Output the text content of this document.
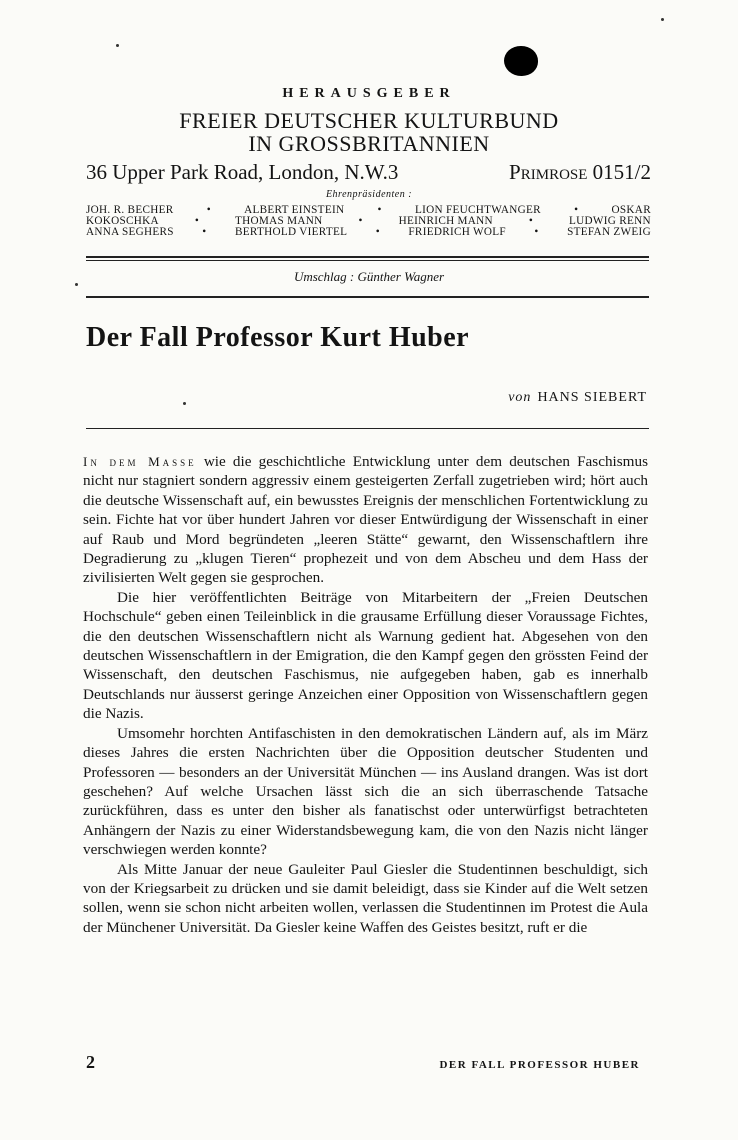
HERAUSGEBER
FREIER DEUTSCHER KULTURBUND
IN GROSSBRITANNIEN
36 Upper Park Road, London, N.W.3	Primrose 0151/2
Ehrenpräsidenten :
JOH. R. BECHER	•	ALBERT EINSTEIN	•	LION FEUCHTWANGER	•	OSKAR
KOKOSCHKA	•	THOMAS MANN	•	HEINRICH MANN	•	LUDWIG RENN
ANNA SEGHERS	•	BERTHOLD VIERTEL	•	FRIEDRICH WOLF	•	STEFAN ZWEIG
Umschlag : Günther Wagner
Der Fall Professor Kurt Huber
von HANS SIEBERT

In dem Masse wie die geschichtliche Entwicklung unter dem deutschen Faschismus nicht nur stagniert sondern aggressiv einem gesteigerten Zerfall zugetrieben wird; hört auch die deutsche Wissenschaft auf, ein bewusstes Ereignis der menschlichen Fortentwicklung zu sein. Fichte hat vor über hundert Jahren vor dieser Entwürdigung der Wissenschaft in einer auf Raub und Mord begründeten „leeren Stätte“ gewarnt, den Wissenschaftlern ihre Degradierung zu „klugen Tieren“ prophezeit und von dem Abscheu und dem Hass der zivilisierten Welt gegen sie gesprochen.

Die hier veröffentlichten Beiträge von Mitarbeitern der „Freien Deutschen Hochschule“ geben einen Teileinblick in die grausame Erfüllung dieser Voraussage Fichtes, die den deutschen Wissenschaftlern nicht als Warnung gedient hat. Abgesehen von den deutschen Wissenschaftlern in der Emigration, die den Kampf gegen den grössten Feind der Wissenschaft, den deutschen Faschismus, nie aufgegeben haben, gab es innerhalb Deutschlands nur äusserst geringe Anzeichen einer Opposition von Wissenschaftlern gegen die Nazis.

Umsomehr horchten Antifaschisten in den demokratischen Ländern auf, als im März dieses Jahres die ersten Nachrichten über die Opposition deutscher Studenten und Professoren — besonders an der Universität München — ins Ausland drangen. Was ist dort geschehen? Auf welche Ursachen lässt sich die an sich überraschende Tatsache zurückführen, dass es unter den bisher als fanatischst oder unterwürfigst betrachteten Anhängern der Nazis zu einer Widerstandsbewegung kam, die von den Nazis nicht länger verschwiegen werden konnte?

Als Mitte Januar der neue Gauleiter Paul Giesler die Studentinnen beschuldigt, sich von der Kriegsarbeit zu drücken und sie damit beleidigt, dass sie Kinder auf die Welt setzen sollen, wenn sie schon nicht arbeiten wollen, verlassen die Studentinnen im Protest die Aula der Münchener Universität. Da Giesler keine Waffen des Geistes besitzt, ruft er die

2	DER FALL PROFESSOR HUBER
